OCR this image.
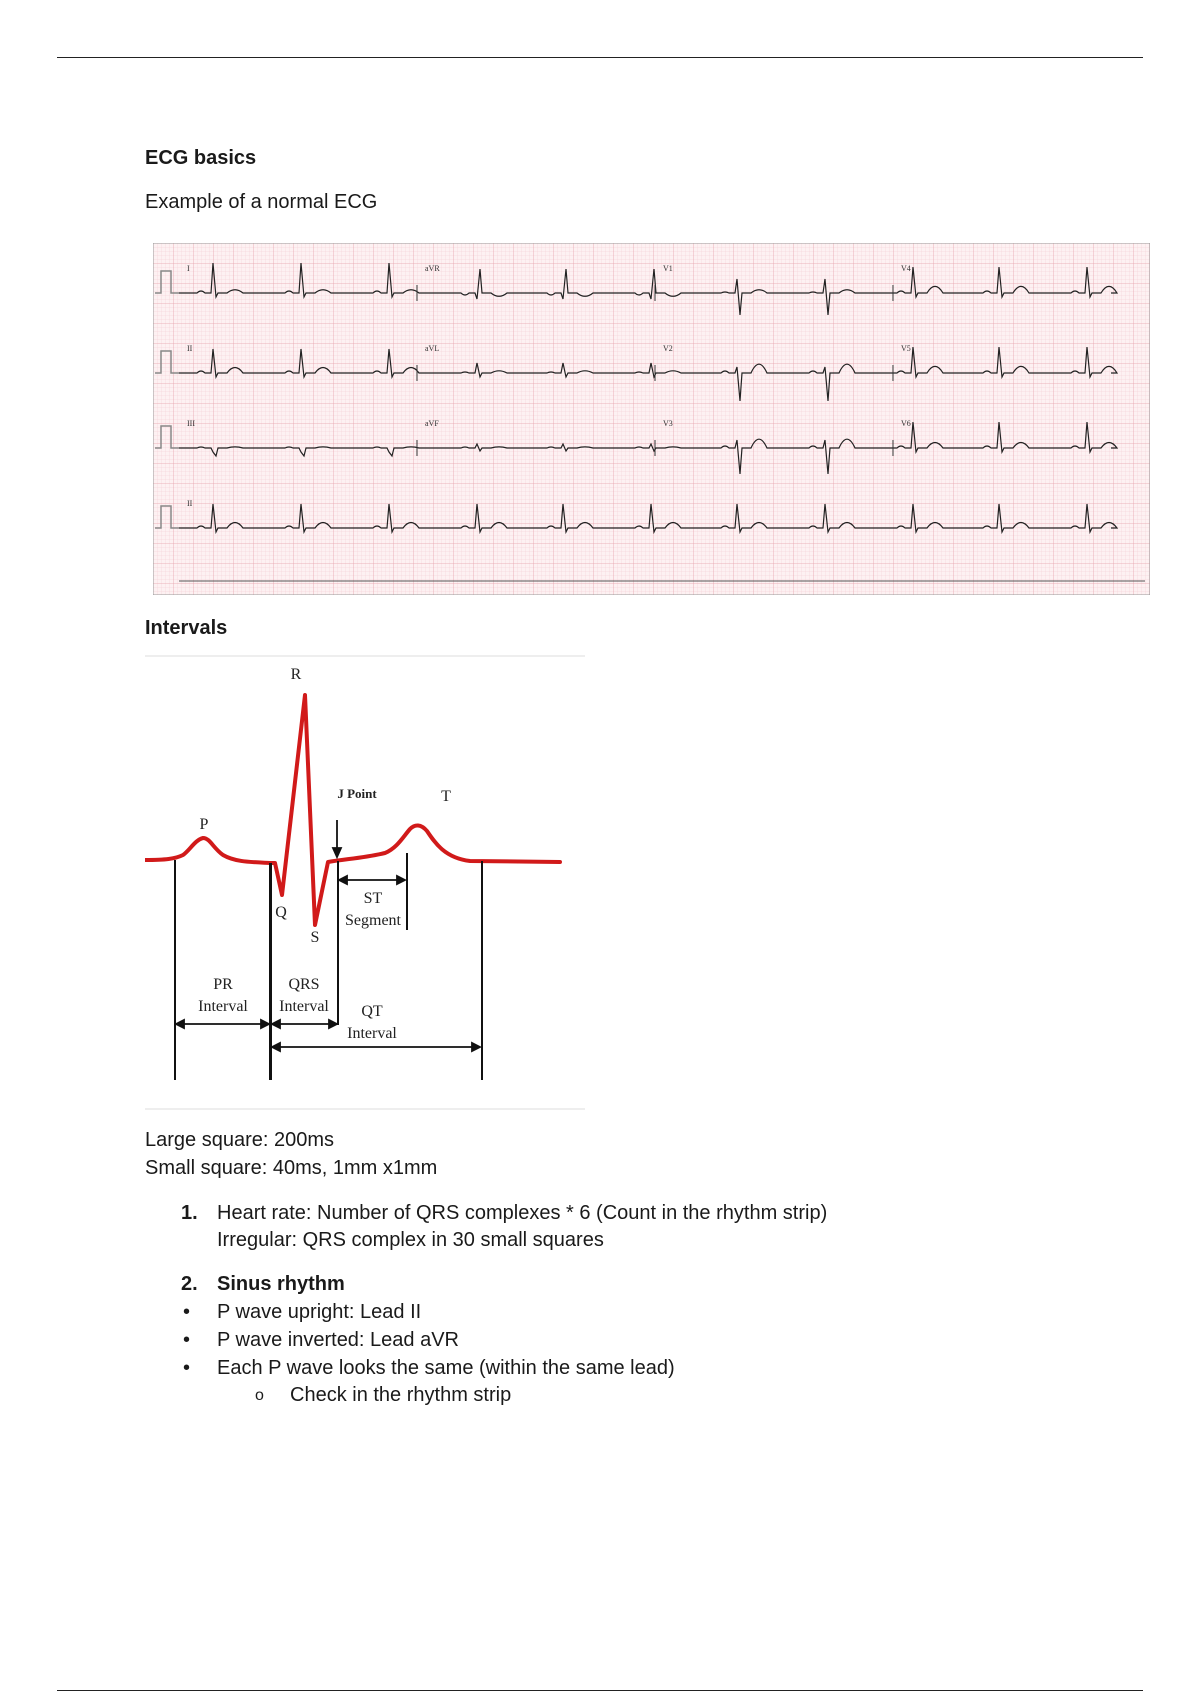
ECG basics
Example of a normal ECG
I	aVR	V1	V4
II	aVL	V2	V5
III	aVF	V3	V6
II
Intervals
R
P
Q
S
T
J Point
ST
Segment
PR
Interval
QRS
Interval QT
Interval
Large square: 200ms
Small square: 40ms, 1mm x1mm
1. Heart rate: Number of QRS complexes * 6 (Count in the rhythm strip)
Irregular: QRS complex in 30 small squares
2. Sinus rhythm
• P wave upright: Lead II
• P wave inverted: Lead aVR
• Each P wave looks the same (within the same lead)
o Check in the rhythm strip
